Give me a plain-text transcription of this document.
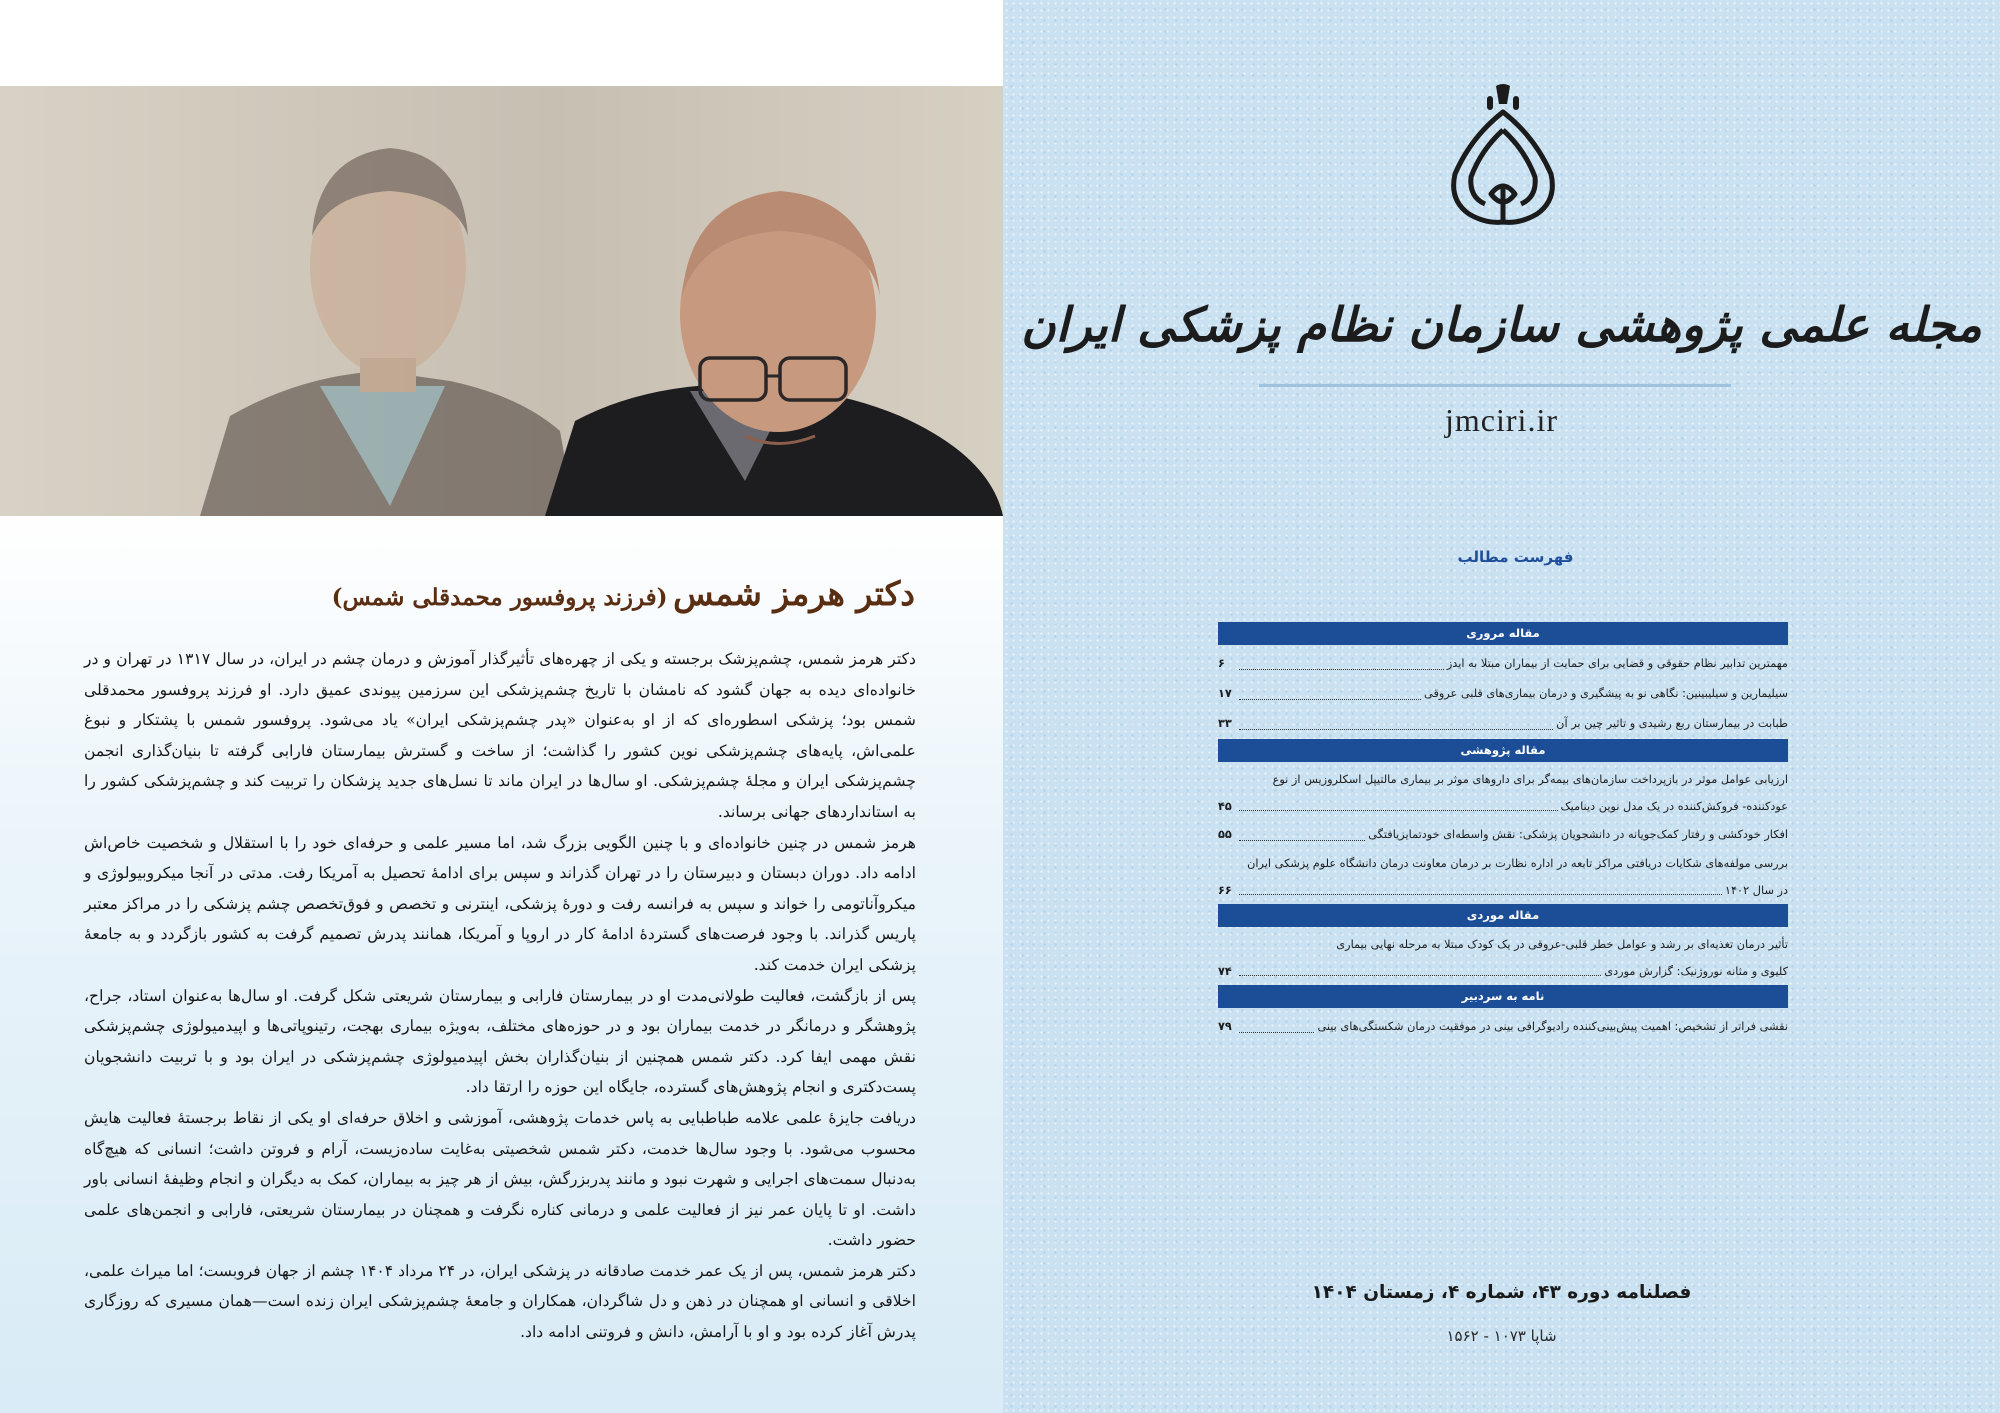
دکتر هرمز شمس (فرزند پروفسور محمدقلی شمس)

دکتر هرمز شمس، چشم‌پزشک برجسته و یکی از چهره‌های تأثیرگذار آموزش و درمان چشم در ایران، در سال ۱۳۱۷ در تهران و در خانواده‌ای دیده به جهان گشود که نامشان با تاریخ چشم‌پزشکی این سرزمین پیوندی عمیق دارد. او فرزند پروفسور محمدقلی شمس بود؛ پزشکی اسطوره‌ای که از او به‌عنوان «پدر چشم‌پزشکی ایران» یاد می‌شود. پروفسور شمس با پشتکار و نبوغ علمی‌اش، پایه‌های چشم‌پزشکی نوین کشور را گذاشت؛ از ساخت و گسترش بیمارستان فارابی گرفته تا بنیان‌گذاری انجمن چشم‌پزشکی ایران و مجلهٔ چشم‌پزشکی. او سال‌ها در ایران ماند تا نسل‌های جدید پزشکان را تربیت کند و چشم‌پزشکی کشور را به استانداردهای جهانی برساند.

هرمز شمس در چنین خانواده‌ای و با چنین الگویی بزرگ شد، اما مسیر علمی و حرفه‌ای خود را با استقلال و شخصیت خاص‌اش ادامه داد. دوران دبستان و دبیرستان را در تهران گذراند و سپس برای ادامهٔ تحصیل به آمریکا رفت. مدتی در آنجا میکروبیولوژی و میکروآناتومی را خواند و سپس به فرانسه رفت و دورهٔ پزشکی، اینترنی و تخصص و فوق‌تخصص چشم پزشکی را در مراکز معتبر پاریس گذراند. با وجود فرصت‌های گستردهٔ ادامهٔ کار در اروپا و آمریکا، همانند پدرش تصمیم گرفت به کشور بازگردد و به جامعهٔ پزشکی ایران خدمت کند.

پس از بازگشت، فعالیت طولانی‌مدت او در بیمارستان فارابی و بیمارستان شریعتی شکل گرفت. او سال‌ها به‌عنوان استاد، جراح، پژوهشگر و درمانگر در خدمت بیماران بود و در حوزه‌های مختلف، به‌ویژه بیماری بهجت، رتینوپاتی‌ها و اپیدمیولوژی چشم‌پزشکی نقش مهمی ایفا کرد. دکتر شمس همچنین از بنیان‌گذاران بخش اپیدمیولوژی چشم‌پزشکی در ایران بود و با تربیت دانشجویان پست‌دکتری و انجام پژوهش‌های گسترده، جایگاه این حوزه را ارتقا داد.

دریافت جایزهٔ علمی علامه طباطبایی به پاس خدمات پژوهشی، آموزشی و اخلاق حرفه‌ای او یکی از نقاط برجستهٔ فعالیت هایش محسوب می‌شود. با وجود سال‌ها خدمت، دکتر شمس شخصیتی به‌غایت ساده‌زیست، آرام و فروتن داشت؛ انسانی که هیچ‌گاه به‌دنبال سمت‌های اجرایی و شهرت نبود و مانند پدربزرگش، بیش از هر چیز به بیماران، کمک به دیگران و انجام وظیفهٔ انسانی باور داشت. او تا پایان عمر نیز از فعالیت علمی و درمانی کناره نگرفت و همچنان در بیمارستان شریعتی، فارابی و انجمن‌های علمی حضور داشت.

دکتر هرمز شمس، پس از یک عمر خدمت صادقانه در پزشکی ایران، در ۲۴ مرداد ۱۴۰۴ چشم از جهان فروبست؛ اما میراث علمی، اخلاقی و انسانی او همچنان در ذهن و دل شاگردان، همکاران و جامعهٔ چشم‌پزشکی ایران زنده است—همان مسیری که روزگاری پدرش آغاز کرده بود و او با آرامش، دانش و فروتنی ادامه داد.

مجله علمی پژوهشی سازمان نظام پزشکی ایران
jmciri.ir
فهرست مطالب
مقاله مروری
مهمترین تدابیر نظام حقوقی و قضایی برای حمایت از بیماران مبتلا به ایدز
۶
سیلیمارین و سیلیبینین: نگاهی نو به پیشگیری و درمان بیماری‌های قلبی عروقی
۱۷
طبابت در بیمارستان ربع رشیدی و تاثیر چین بر آن
۳۳
مقاله پژوهشی
ارزیابی عوامل موثر در بازپرداخت سازمان‌های بیمه‌گر برای داروهای موثر بر بیماری مالتیپل اسکلروزیس از نوع
عودکننده- فروکش‌کننده در یک مدل نوین دینامیک
۴۵
افکار خودکشی و رفتار کمک‌جویانه در دانشجویان پزشکی: نقش واسطه‌ای خودتمایزیافتگی
۵۵
بررسی مولفه‌های شکایات دریافتی مراکز تابعه در اداره نظارت بر درمان معاونت درمان دانشگاه علوم پزشکی ایران
در سال ۱۴۰۲
۶۶
مقاله موردی
تأثیر درمان تغذیه‌ای بر رشد و عوامل خطر قلبی-عروقی در یک کودک مبتلا به مرحله نهایی بیماری
کلیوی و مثانه نوروژنیک: گزارش موردی
۷۴
نامه به سردبیر
نقشی فراتر از تشخیص: اهمیت پیش‌بینی‌کننده رادیوگرافی بینی در موفقیت درمان شکستگی‌های بینی
۷۹
فصلنامه دوره ۴۳، شماره ۴، زمستان ۱۴۰۴
شاپا ۱۰۷۳ - ۱۵۶۲
